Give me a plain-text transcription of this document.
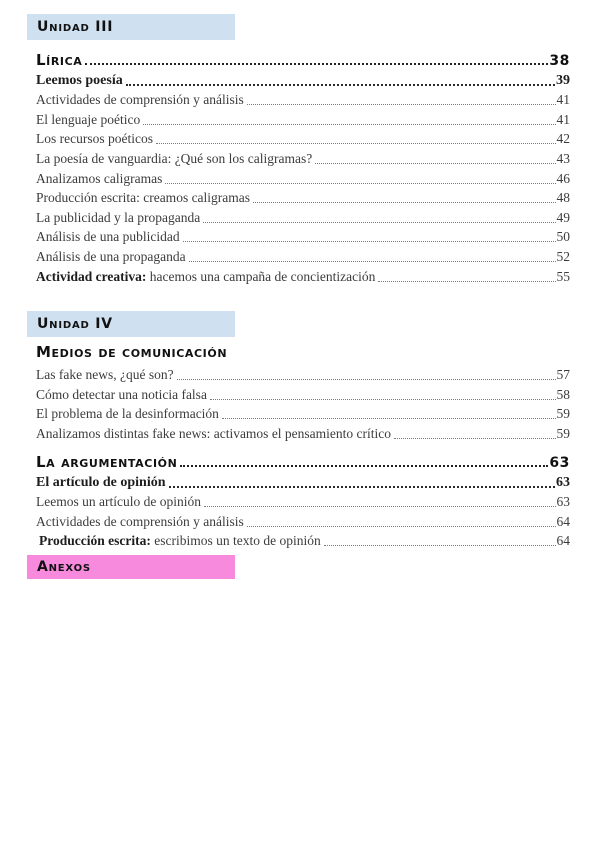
Unidad III
Lírica	38
Leemos poesía	39
Actividades de comprensión y análisis	41
El lenguaje poético	41
Los recursos poéticos	42
La poesía de vanguardia: ¿Qué son los caligramas?	43
Analizamos caligramas	46
Producción escrita: creamos caligramas	48
La publicidad y la propaganda	49
Análisis de una publicidad	50
Análisis de una propaganda	52
Actividad creativa: hacemos una campaña de concientización	55
Unidad IV
Medios de comunicación
Las fake news, ¿qué son?	57
Cómo detectar una noticia falsa	58
El problema de la desinformación	59
Analizamos distintas fake news: activamos el pensamiento crítico	59
La argumentación	63
El artículo de opinión	63
Leemos un artículo de opinión	63
Actividades de comprensión y análisis	64
Producción escrita: escribimos un texto de opinión	64
Anexos
